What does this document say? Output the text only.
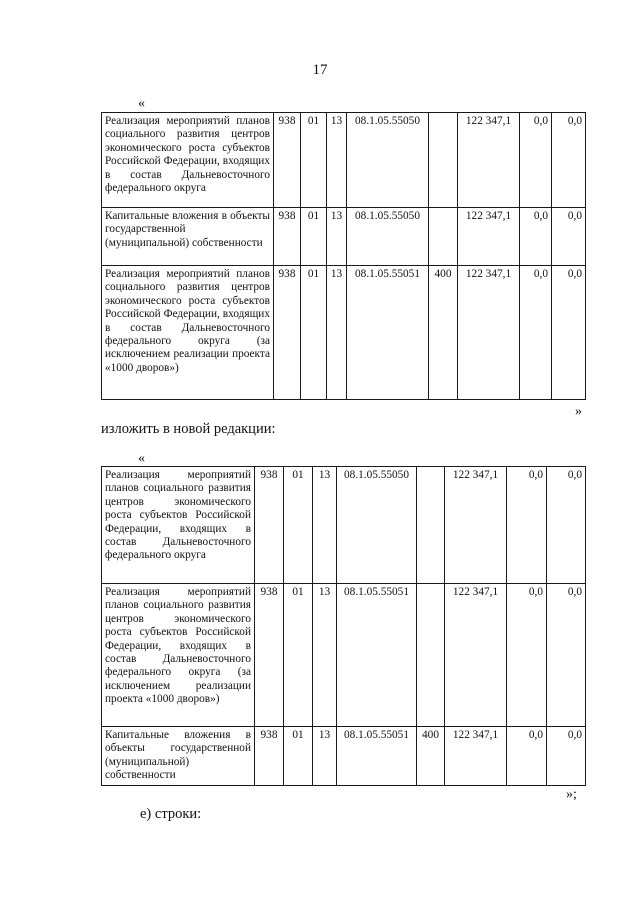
17
«
Реализация мероприятий планов социального развития центров экономического роста субъектов Российской Федерации, входящих в состав Дальневосточного федерального округа	938	01	13	08.1.05.55050		122 347,1	0,0	0,0
Капитальные вложения в объекты государственной (муниципальной) собственности	938	01	13	08.1.05.55050		122 347,1	0,0	0,0
Реализация мероприятий планов социального развития центров экономического роста субъектов Российской Федерации, входящих в состав Дальневосточного федерального округа (за исключением реализации проекта «1000 дворов»)	938	01	13	08.1.05.55051	400	122 347,1	0,0	0,0
»
изложить в новой редакции:
«
Реализация мероприятий планов социального развития центров экономического роста субъектов Российской Федерации, входящих в состав Дальневосточного федерального округа	938	01	13	08.1.05.55050		122 347,1	0,0	0,0
Реализация мероприятий планов социального развития центров экономического роста субъектов Российской Федерации, входящих в состав Дальневосточного федерального округа (за исключением реализации проекта «1000 дворов»)	938	01	13	08.1.05.55051		122 347,1	0,0	0,0
Капитальные вложения в объекты государственной (муниципальной) собственности	938	01	13	08.1.05.55051	400	122 347,1	0,0	0,0
»;
е) строки:
